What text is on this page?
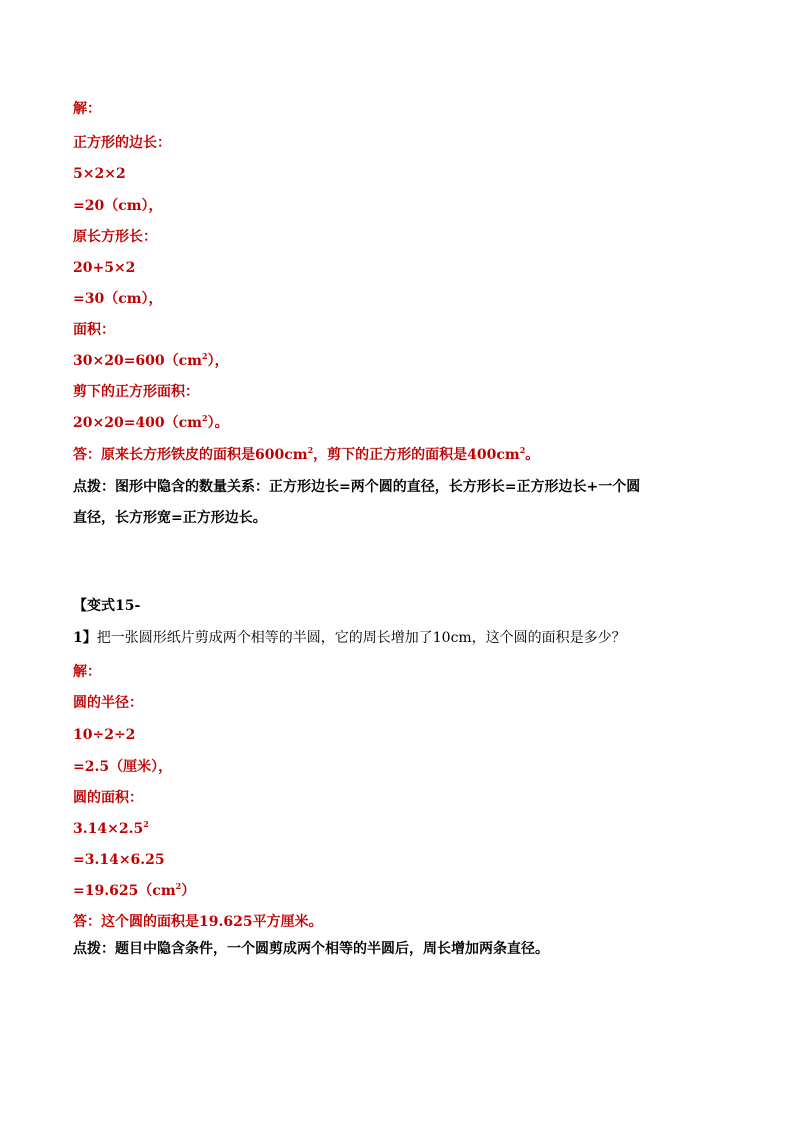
解：
正方形的边长：
5×2×2
=20（cm），
原长方形长：
20+5×2
=30（cm），
面积：
$30\times 20=600(cm^2)$，
剪下的正方形面积：
$20\times 20=400(cm^2)$。
答：原来长方形铁皮的面积是$600cm^2$，剪下的正方形的面积是$400cm^2$。
点拨：图形中隐含的数量关系：正方形边长=两个圆的直径，长方形长=正方形边长+一个圆
直径，长方形宽=正方形边长。
【变式15-
1】把一张圆形纸片剪成两个相等的半圆，它的周长增加了10cm，这个圆的面积是多少？
解：
圆的半径：
10÷2÷2
=2.5（厘米），
圆的面积：
$3.14\times 2.5^2$
=3.14×6.25
$=19.625(cm^2)$
答：这个圆的面积是19.625平方厘米。
点拨：题目中隐含条件，一个圆剪成两个相等的半圆后，周长增加两条直径。
